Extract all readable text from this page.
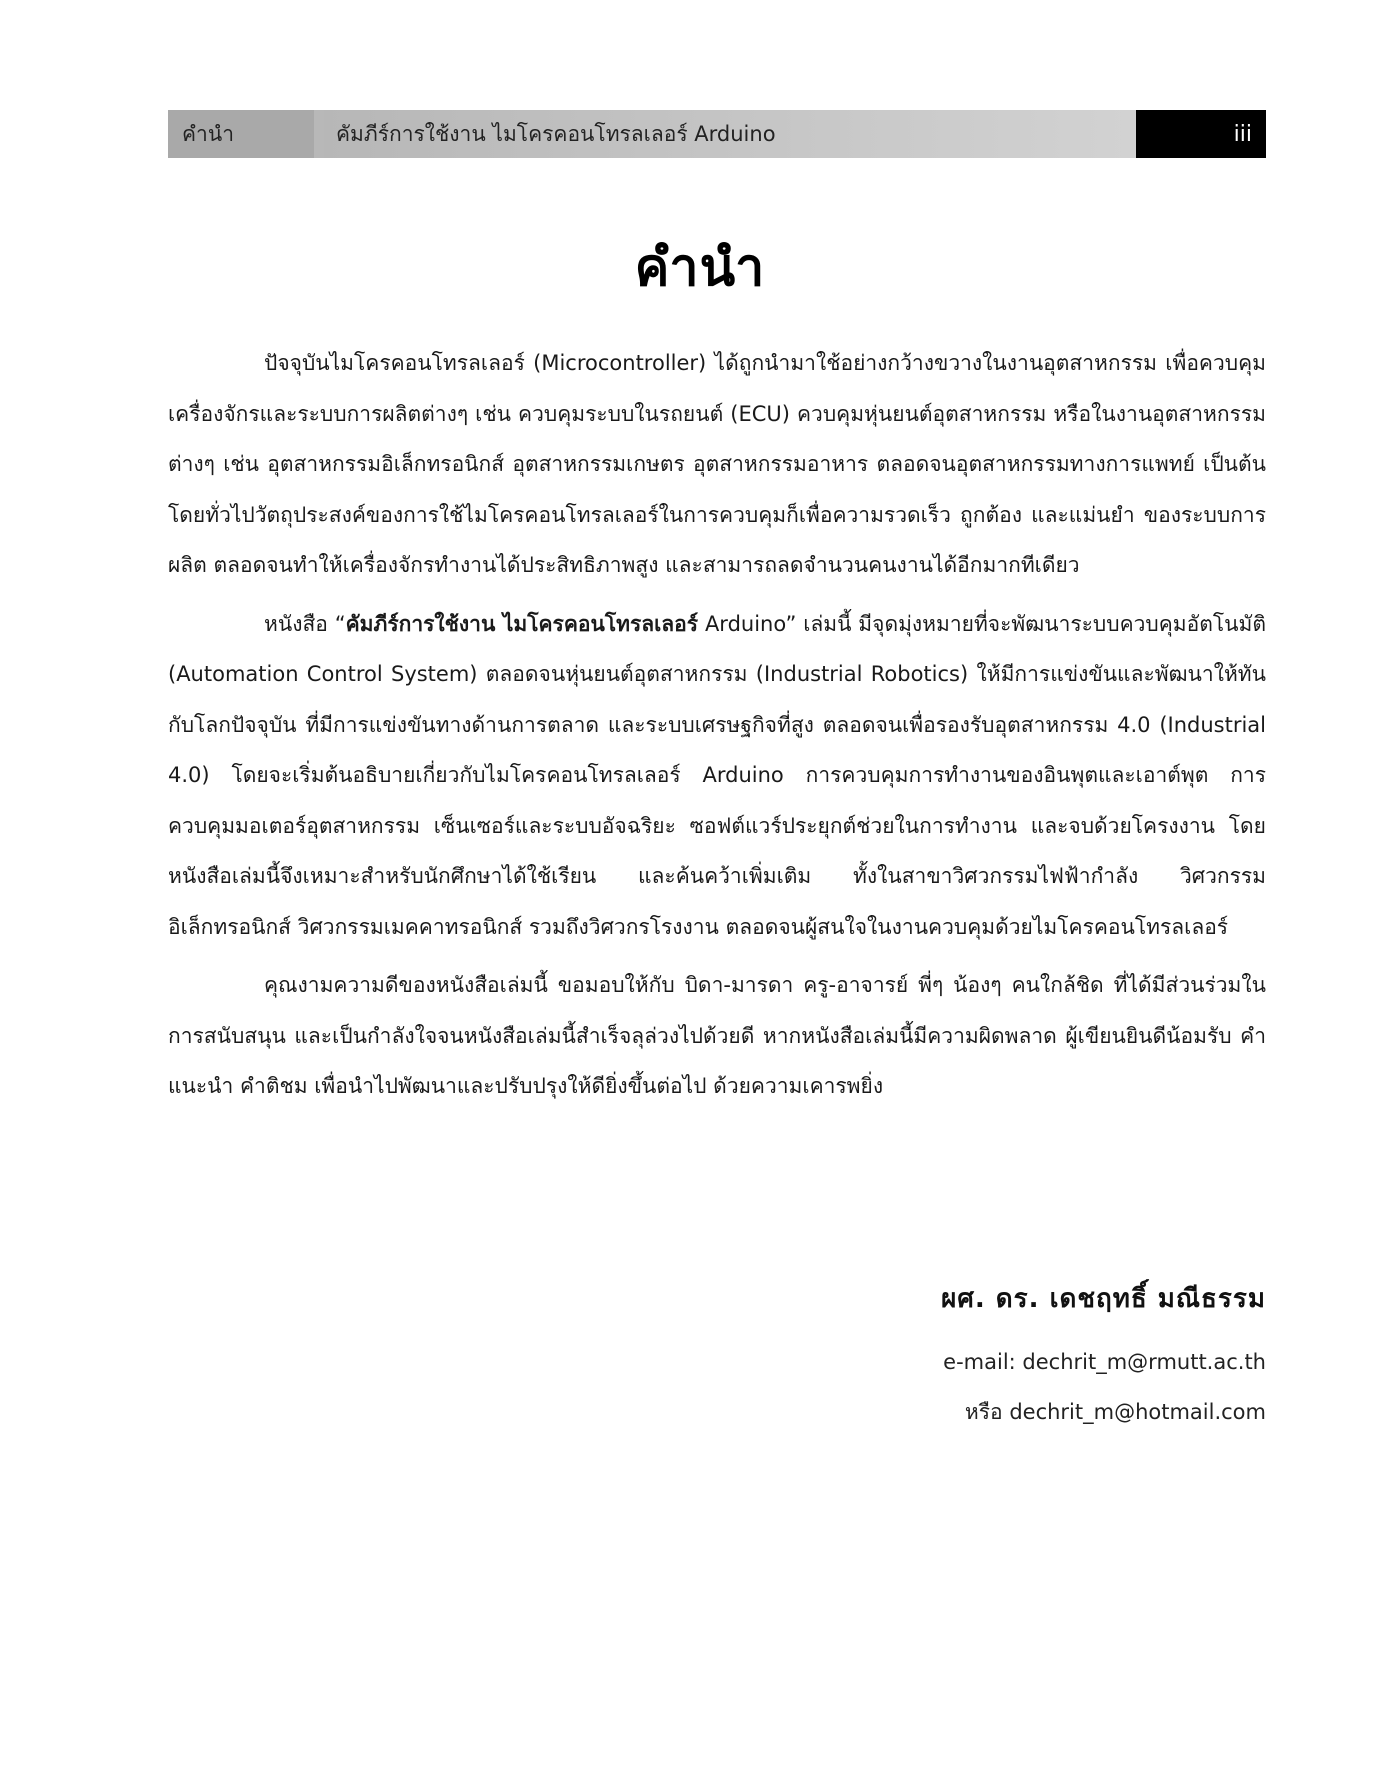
คำนำ	คัมภีร์การใช้งาน ไมโครคอนโทรลเลอร์ Arduino	iii
คำนำ

ปัจจุบันไมโครคอนโทรลเลอร์ (Microcontroller) ได้ถูกนำมาใช้อย่างกว้างขวางในงานอุตสาหกรรม เพื่อควบคุมเครื่องจักรและระบบการผลิตต่างๆ เช่น ควบคุมระบบในรถยนต์ (ECU) ควบคุมหุ่นยนต์อุตสาหกรรม หรือในงานอุตสาหกรรมต่างๆ เช่น อุตสาหกรรมอิเล็กทรอนิกส์ อุตสาหกรรมเกษตร อุตสาหกรรมอาหาร ตลอดจนอุตสาหกรรมทางการแพทย์ เป็นต้น โดยทั่วไปวัตถุประสงค์ของการใช้ไมโครคอนโทรลเลอร์ในการควบคุมก็เพื่อความรวดเร็ว ถูกต้อง และแม่นยำ ของระบบการผลิต ตลอดจนทำให้เครื่องจักรทำงานได้ประสิทธิภาพสูง และสามารถลดจำนวนคนงานได้อีกมากทีเดียว

หนังสือ “คัมภีร์การใช้งาน ไมโครคอนโทรลเลอร์ Arduino” เล่มนี้ มีจุดมุ่งหมายที่จะพัฒนาระบบควบคุมอัตโนมัติ (Automation Control System) ตลอดจนหุ่นยนต์อุตสาหกรรม (Industrial Robotics) ให้มีการแข่งขันและพัฒนาให้ทันกับโลกปัจจุบัน ที่มีการแข่งขันทางด้านการตลาด และระบบเศรษฐกิจที่สูง ตลอดจนเพื่อรองรับอุตสาหกรรม 4.0 (Industrial 4.0) โดยจะเริ่มต้นอธิบายเกี่ยวกับไมโครคอนโทรลเลอร์ Arduino การควบคุมการทำงานของอินพุตและเอาต์พุต การควบคุมมอเตอร์อุตสาหกรรม เซ็นเซอร์และระบบอัจฉริยะ ซอฟต์แวร์ประยุกต์ช่วยในการทำงาน และจบด้วยโครงงาน โดยหนังสือเล่มนี้จึงเหมาะสำหรับนักศึกษาได้ใช้เรียน และค้นคว้าเพิ่มเติม ทั้งในสาขาวิศวกรรมไฟฟ้ากำลัง วิศวกรรมอิเล็กทรอนิกส์ วิศวกรรมเมคคาทรอนิกส์ รวมถึงวิศวกรโรงงาน ตลอดจนผู้สนใจในงานควบคุมด้วยไมโครคอนโทรลเลอร์

คุณงามความดีของหนังสือเล่มนี้ ขอมอบให้กับ บิดา-มารดา ครู-อาจารย์ พี่ๆ น้องๆ คนใกล้ชิด ที่ได้มีส่วนร่วมในการสนับสนุน และเป็นกำลังใจจนหนังสือเล่มนี้สำเร็จลุล่วงไปด้วยดี หากหนังสือเล่มนี้มีความผิดพลาด ผู้เขียนยินดีน้อมรับ คำแนะนำ คำติชม เพื่อนำไปพัฒนาและปรับปรุงให้ดียิ่งขึ้นต่อไป ด้วยความเคารพยิ่ง

ผศ. ดร. เดชฤทธิ์ มณีธรรม
e-mail: dechrit_m@rmutt.ac.th
หรือ dechrit_m@hotmail.com
